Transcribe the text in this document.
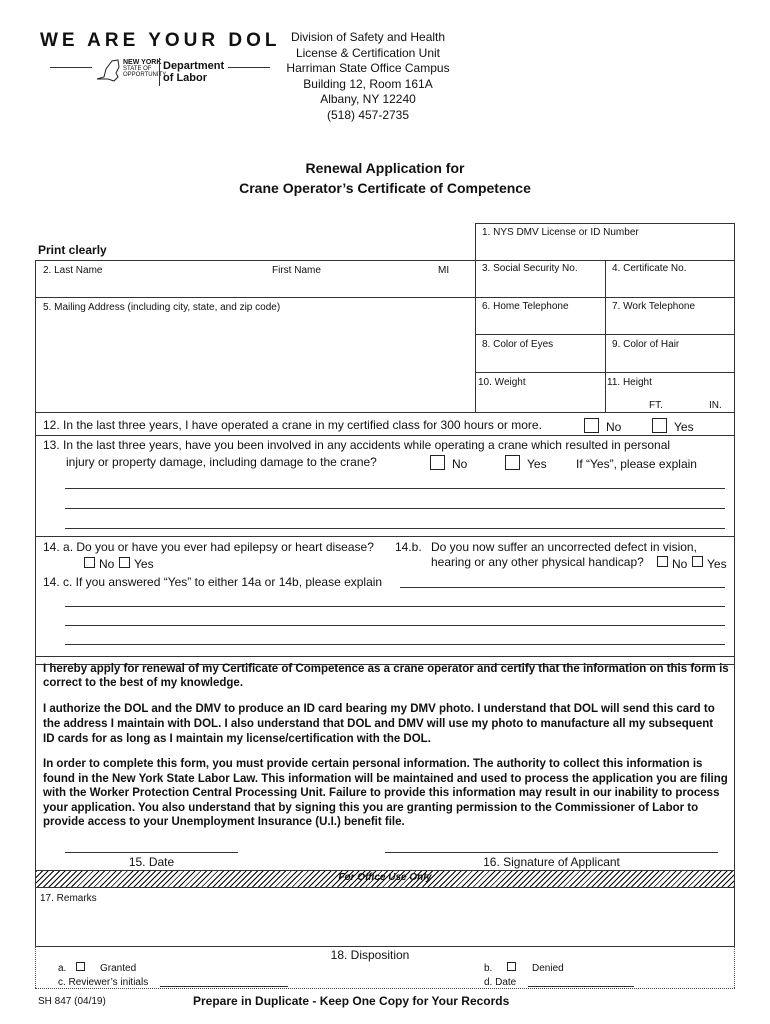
WE ARE YOUR DOL
NEW YORK
STATE OF
OPPORTUNITY
Department
of Labor
Division of Safety and Health
License & Certification Unit
Harriman State Office Campus
Building 12, Room 161A
Albany, NY 12240
(518) 457-2735
Renewal Application for
Crane Operator’s Certificate of Competence
Print clearly
1. NYS DMV License or ID Number
2. Last Name	First Name	MI	3. Social Security No.	4. Certificate No.
5. Mailing Address (including city, state, and zip code)	6. Home Telephone	7. Work Telephone
8. Color of Eyes	9. Color of Hair
10. Weight	11. Height
FT.	IN.
12. In the last three years, I have operated a crane in my certified class for 300 hours or more.	No	Yes
13. In the last three years, have you been involved in any accidents while operating a crane which resulted in personal
injury or property damage, including damage to the crane?	No	Yes If “Yes”, please explain
14. a. Do you or have you ever had epilepsy or heart disease?
No Yes
14.b. Do you now suffer an uncorrected defect in vision,
hearing or any other physical handicap? No Yes
14. c. If you answered “Yes” to either 14a or 14b, please explain
I hereby apply for renewal of my Certificate of Competence as a crane operator and certify that the information on this form is correct to the best of my knowledge.
I authorize the DOL and the DMV to produce an ID card bearing my DMV photo. I understand that DOL will send this card to the address I maintain with DOL. I also understand that DOL and DMV will use my photo to manufacture all my subsequent ID cards for as long as I maintain my license/certification with the DOL.
In order to complete this form, you must provide certain personal information. The authority to collect this information is found in the New York State Labor Law. This information will be maintained and used to process the application you are filing with the Worker Protection Central Processing Unit. Failure to provide this information may result in our inability to process your application. You also understand that by signing this you are granting permission to the Commissioner of Labor to provide access to your Unemployment Insurance (U.I.) benefit file.
15. Date	16. Signature of Applicant
For Office Use Only
17. Remarks
18. Disposition
a.	Granted	b.	Denied
c. Reviewer’s initials	d. Date
SH 847 (04/19)	Prepare in Duplicate - Keep One Copy for Your Records
